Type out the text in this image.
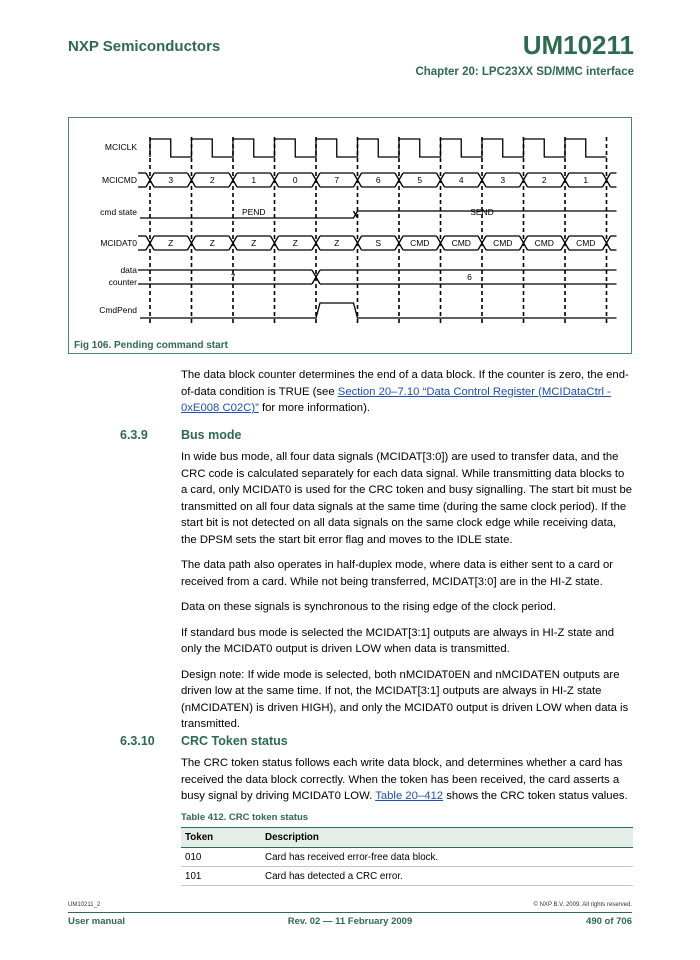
NXP Semiconductors	UM10211
Chapter 20: LPC23XX SD/MMC interface
MCICLK
MCICMD
cmd state
MCIDAT0
data
counter
CmdPend
3	2	1	0	7	6	5	4	3	2	1
PEND	SEND
Z	Z	Z	Z	Z	S	CMD	CMD	CMD	CMD	CMD
7	6
Fig 106. Pending command start

The data block counter determines the end of a data block. If the counter is zero, the end-of-data condition is TRUE (see Section 20–7.10 “Data Control Register (MCIDataCtrl - 0xE008 C02C)” for more information).

6.3.9	Bus mode

In wide bus mode, all four data signals (MCIDAT[3:0]) are used to transfer data, and the CRC code is calculated separately for each data signal. While transmitting data blocks to a card, only MCIDAT0 is used for the CRC token and busy signalling. The start bit must be transmitted on all four data signals at the same time (during the same clock period). If the start bit is not detected on all data signals on the same clock edge while receiving data, the DPSM sets the start bit error flag and moves to the IDLE state.

The data path also operates in half-duplex mode, where data is either sent to a card or received from a card. While not being transferred, MCIDAT[3:0] are in the HI-Z state.

Data on these signals is synchronous to the rising edge of the clock period.

If standard bus mode is selected the MCIDAT[3:1] outputs are always in HI-Z state and only the MCIDAT0 output is driven LOW when data is transmitted.

Design note: If wide mode is selected, both nMCIDAT0EN and nMCIDATEN outputs are driven low at the same time. If not, the MCIDAT[3:1] outputs are always in HI-Z state (nMCIDATEN) is driven HIGH), and only the MCIDAT0 output is driven LOW when data is transmitted.

6.3.10 CRC Token status

The CRC token status follows each write data block, and determines whether a card has received the data block correctly. When the token has been received, the card asserts a busy signal by driving MCIDAT0 LOW. Table 20–412 shows the CRC token status values.

Table 412. CRC token status
Token	Description
010	Card has received error-free data block.
101	Card has detected a CRC error.
UM10211_2	© NXP B.V. 2009. All rights reserved.
User manual	Rev. 02 — 11 February 2009	490 of 706
